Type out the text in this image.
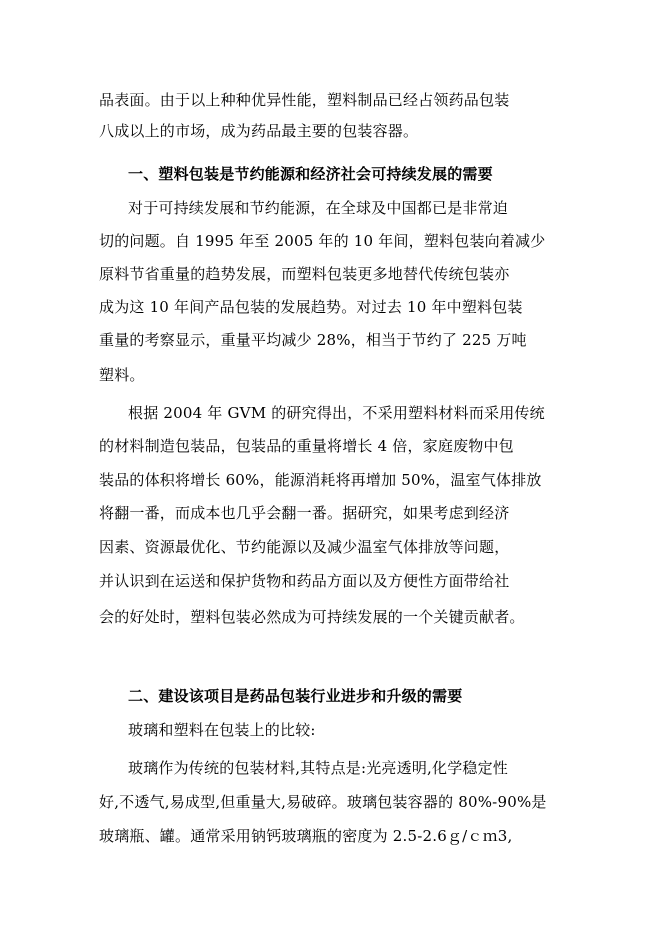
品表面。由于以上种种优异性能，塑料制品已经占领药品包装
八成以上的市场，成为药品最主要的包装容器。
一、塑料包装是节约能源和经济社会可持续发展的需要
对于可持续发展和节约能源，在全球及中国都已是非常迫
切的问题。自 1995 年至 2005 年的 10 年间，塑料包装向着减少
原料节省重量的趋势发展，而塑料包装更多地替代传统包装亦
成为这 10 年间产品包装的发展趋势。对过去 10 年中塑料包装
重量的考察显示，重量平均减少 28%，相当于节约了 225 万吨
塑料。
根据 2004 年 GVM 的研究得出，不采用塑料材料而采用传统
的材料制造包装品，包装品的重量将增长 4 倍，家庭废物中包
装品的体积将增长 60%，能源消耗将再增加 50%，温室气体排放
将翻一番，而成本也几乎会翻一番。据研究，如果考虑到经济
因素、资源最优化、节约能源以及减少温室气体排放等问题，
并认识到在运送和保护货物和药品方面以及方便性方面带给社
会的好处时，塑料包装必然成为可持续发展的一个关键贡献者。
二、建设该项目是药品包装行业进步和升级的需要
玻璃和塑料在包装上的比较:
玻璃作为传统的包装材料,其特点是:光亮透明,化学稳定性
好,不透气,易成型,但重量大,易破碎。玻璃包装容器的 80%-90%是
玻璃瓶、罐。通常采用钠钙玻璃瓶的密度为 2.5-2.6ｇ/ｃｍ3,
